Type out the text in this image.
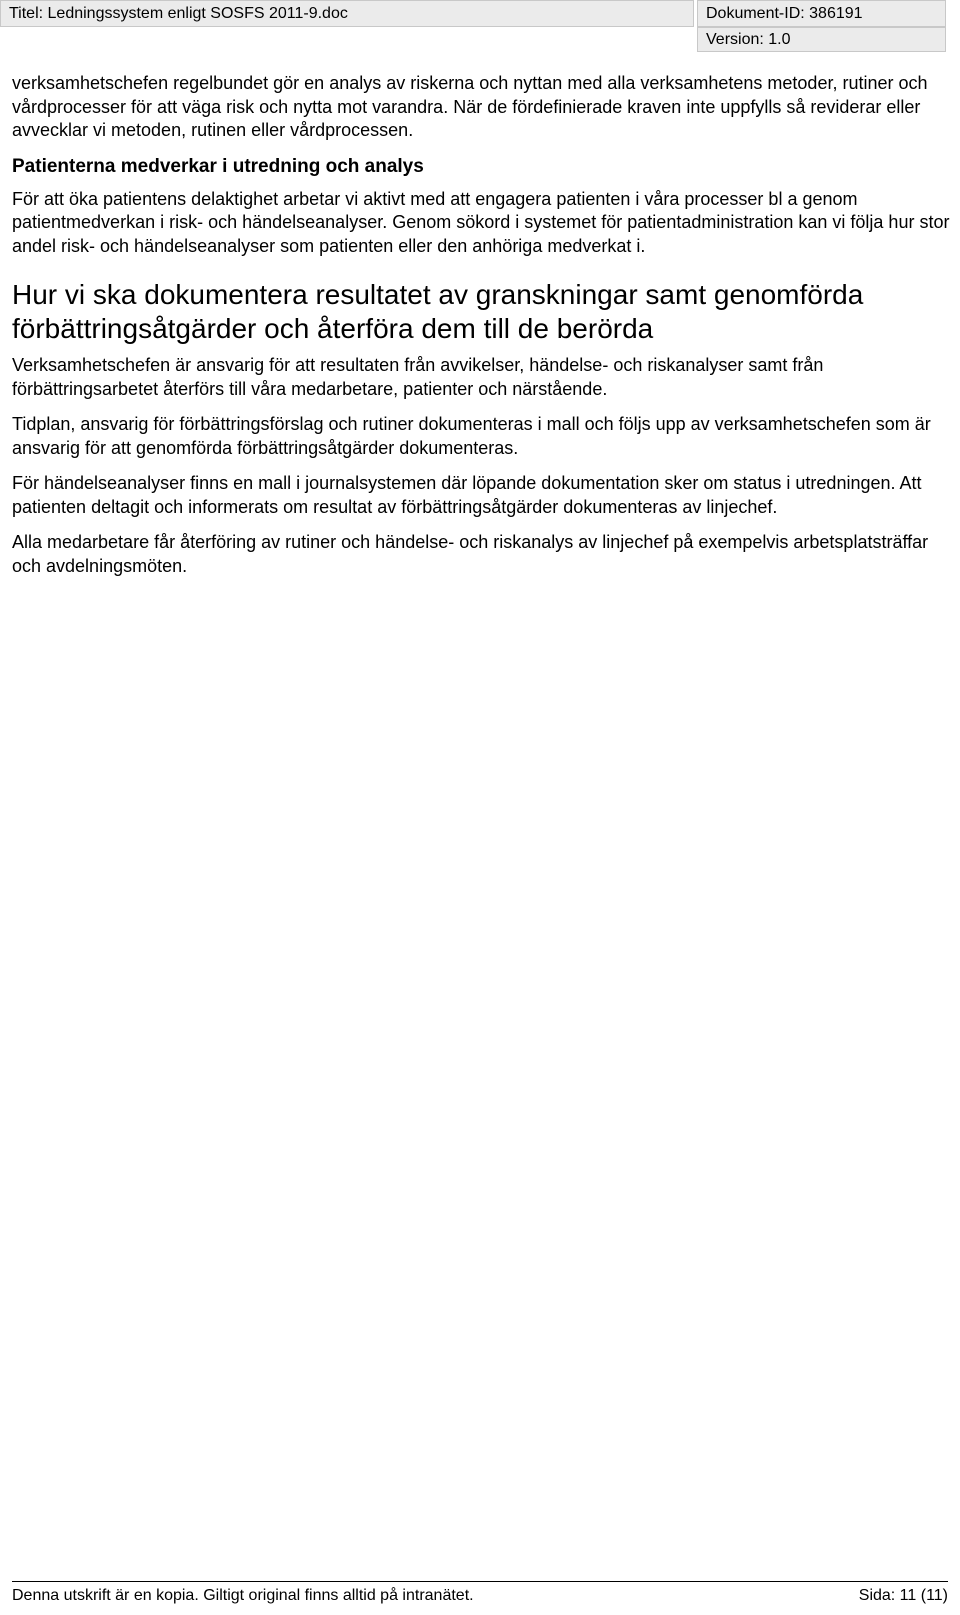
Titel: Ledningssystem enligt SOSFS 2011-9.doc	Dokument-ID: 386191
Version: 1.0

verksamhetschefen regelbundet gör en analys av riskerna och nyttan med alla verksamhetens metoder, rutiner och vårdprocesser för att väga risk och nytta mot varandra. När de fördefinierade kraven inte uppfylls så reviderar eller avvecklar vi metoden, rutinen eller vårdprocessen.

Patienterna medverkar i utredning och analys

För att öka patientens delaktighet arbetar vi aktivt med att engagera patienten i våra processer bl a genom patientmedverkan i risk- och händelseanalyser. Genom sökord i systemet för patientadministration kan vi följa hur stor andel risk- och händelseanalyser som patienten eller den anhöriga medverkat i.

Hur vi ska dokumentera resultatet av granskningar samt genomförda förbättringsåtgärder och återföra dem till de berörda

Verksamhetschefen är ansvarig för att resultaten från avvikelser, händelse- och riskanalyser samt från förbättringsarbetet återförs till våra medarbetare, patienter och närstående.

Tidplan, ansvarig för förbättringsförslag och rutiner dokumenteras i mall och följs upp av verksamhetschefen som är ansvarig för att genomförda förbättringsåtgärder dokumenteras.

För händelseanalyser finns en mall i journalsystemen där löpande dokumentation sker om status i utredningen. Att patienten deltagit och informerats om resultat av förbättringsåtgärder dokumenteras av linjechef.

Alla medarbetare får återföring av rutiner och händelse- och riskanalys av linjechef på exempelvis arbetsplatsträffar och avdelningsmöten.

Denna utskrift är en kopia. Giltigt original finns alltid på intranätet.	Sida: 11 (11)
